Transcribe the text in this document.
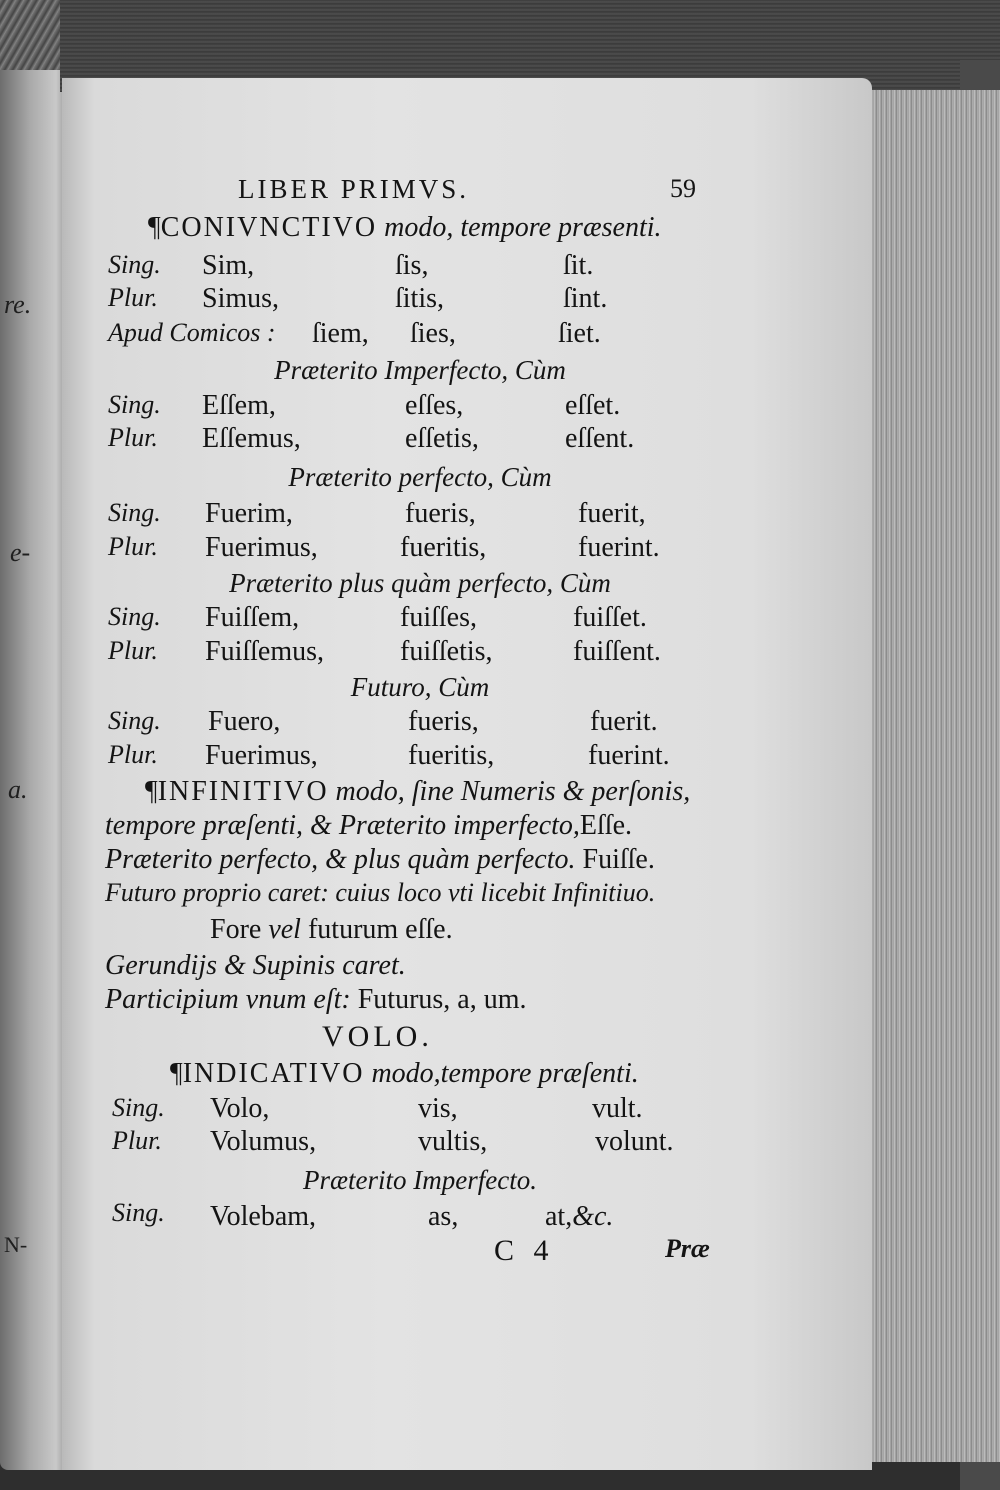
re.
e-
a.
N-
LIBER PRIMVS.	59
¶CONIVNCTIVO modo, tempore præsenti.
Sing. Sim,	ſis,	ſit.
Plur. Simus,	ſitis,	ſint.
Apud Comicos : ſiem, ſies,	ſiet.
Præterito Imperfecto, Cùm
Sing. Eſſem,	eſſes,	eſſet.
Plur. Eſſemus,	eſſetis,	eſſent.
Præterito perfecto, Cùm
Sing. Fuerim,	fueris,	fuerit,
Plur. Fuerimus,	fueritis,	fuerint.
Præterito plus quàm perfecto, Cùm
Sing. Fuiſſem,	fuiſſes,	fuiſſet.
Plur. Fuiſſemus,	fuiſſetis,	fuiſſent.
Futuro, Cùm
Sing. Fuero,	fueris,	fuerit.
Plur. Fuerimus,	fueritis,	fuerint.
¶INFINITIVO modo, ſine Numeris & perſonis,
tempore præſenti, & Præterito imperfecto,Eſſe.
Præterito perfecto, & plus quàm perfecto. Fuiſſe.
Futuro proprio caret: cuius loco vti licebit Infinitiuo.
Fore vel futurum eſſe.
Gerundijs & Supinis caret.
Participium vnum eſt: Futurus, a, um.
VOLO.
¶INDICATIVO modo,tempore præſenti.
Sing. Volo,	vis,	vult.
Plur. Volumus,	vultis,	volunt.
Præterito Imperfecto.
Sing. Volebam,	as,	at,&c.
C 4	Præ
